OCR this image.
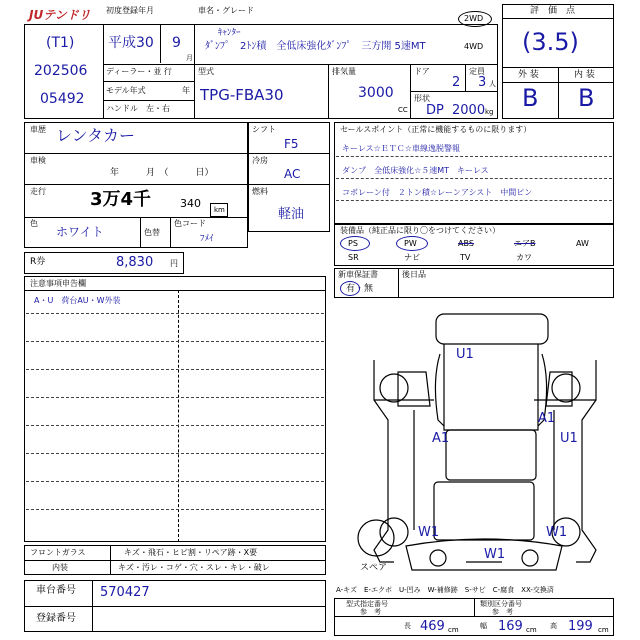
JUテンドリ 初度登録年月	車名・グレード
(T1)
202506
05492
平成30 9
月
ｷｬﾝﾀｰ
ﾀﾞﾝﾌﾟ　2ﾄﾝ積　全低床強化ﾀﾞﾝﾌﾟ　三方開 5速MT
2WD
4WD
ディーラー・並 行
モデル年式	年
ハンドル　左・右
型式
TPG-FBA30
排気量
3000
CC
ドア
2
定員
3 人
形状
DP 2000 kg
評　価　点
(3.5)
外 装	内 装
B B
車歴 レンタカー
車検
年　　　月　（　　　日）
走行 3万4千	340 km
色
ホワイト	色替
色コード
ﾌﾒｲ
シフト
F5
冷房
AC
燃料
軽油
R券	8,830 円
セールスポイント（正常に機能するものに限ります）
キーレス☆ＥＴＣ☆車線逸脱警報
ダンプ　全低床強化☆５速MT　キーレス
コボレーン付　２トン積☆レーンアシスト　中間ピン
装備品（純正品に限り〇をつけてください）
PS	PW	ABS	エアB	AW
SR	ナビ	TV	カワ
新車保証書
有・無
後日品
注意事項申告欄
A・U　荷台AU・W外装
フロントガラス	キズ・飛石・ヒビ割・リペア跡・X要
内装	キズ・汚レ・コゲ・穴・スレ・キレ・破レ
車台番号 570427
登録番号
U1
A1
A1
U1
W1	W1
W1
スペア
A-キズ　E-エクボ　U-凹み　W-補修跡　S-サビ　C-腐食　XX-交換済
型式指定番号
参　考
類別区分番号
参　考
長 469 cm	幅 169 cm 高 199 cm
